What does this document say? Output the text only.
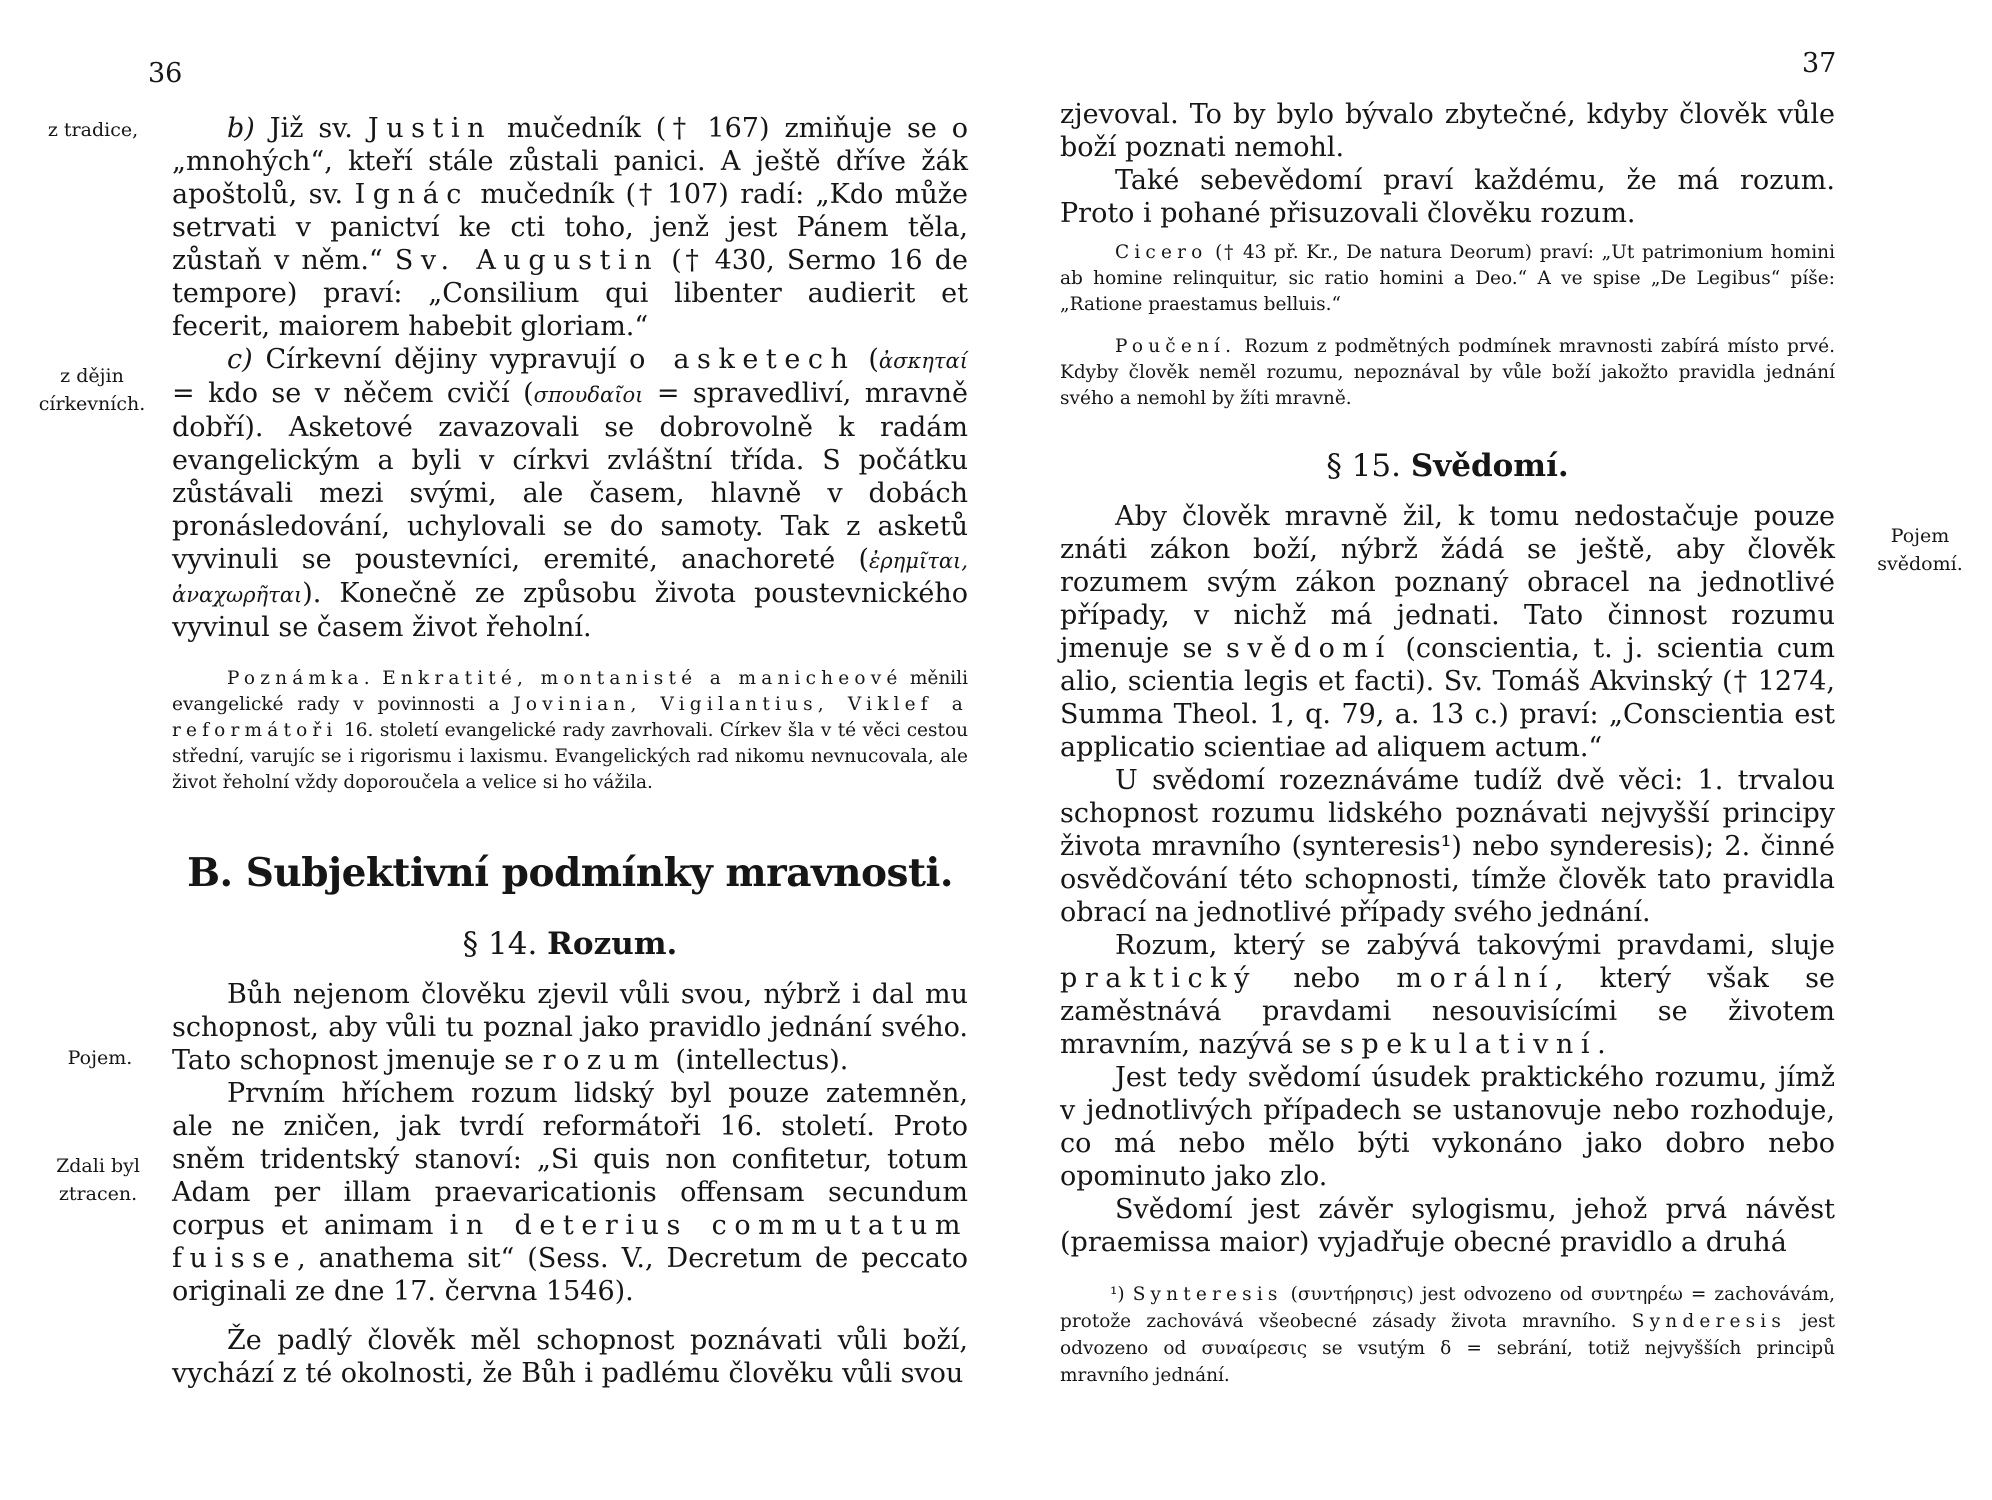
36
z tradice,
z dějin
církevních.
Pojem.
Zdali byl
ztracen.

b) Již sv. Justin mučedník († 167) zmiňuje se o „mnohých“, kteří stále zůstali panici. A ještě dříve žák apoštolů, sv. Ignác mučedník († 107) radí: „Kdo může setrvati v panictví ke cti toho, jenž jest Pánem těla, zůstaň v něm.“ Sv. Augustin († 430, Sermo 16 de tempore) praví: „Consilium qui libenter audierit et fecerit, maiorem habebit gloriam.“

c) Církevní dějiny vypravují o asketech (ἀσκηταί = kdo se v něčem cvičí (σπουδαῖοι = spravedliví, mravně dobří). Asketové zavazovali se dobrovolně k radám evangelickým a byli v církvi zvláštní třída. S počátku zůstávali mezi svými, ale časem, hlavně v dobách pronásledování, uchylovali se do samoty. Tak z asketů vyvinuli se poustevníci, eremité, anachoreté (ἐρημῖται, ἀναχωρῆται). Konečně ze způsobu života poustevnického vyvinul se časem život řeholní.

Poznámka. Enkratité, montanisté a manicheové měnili evangelické rady v povinnosti a Jovinian, Vigilantius, Viklef a reformátoři 16. století evangelické rady zavrhovali. Církev šla v té věci cestou střední, varujíc se i rigorismu i laxismu. Evangelických rad nikomu nevnucovala, ale život řeholní vždy doporoučela a velice si ho vážila.

B. Subjektivní podmínky mravnosti.
§ 14. Rozum.

Bůh nejenom člověku zjevil vůli svou, nýbrž i dal mu schopnost, aby vůli tu poznal jako pravidlo jednání svého. Tato schopnost jmenuje se rozum (intellectus).

Prvním hříchem rozum lidský byl pouze zatemněn, ale ne zničen, jak tvrdí reformátoři 16. století. Proto sněm tridentský stanoví: „Si quis non confitetur, totum Adam per illam praevaricationis offensam secundum corpus et animam in deterius commutatum fuisse, anathema sit“ (Sess. V., Decretum de peccato originali ze dne 17. června 1546).

Že padlý člověk měl schopnost poznávati vůli boží, vychází z té okolnosti, že Bůh i padlému člověku vůli svou

37
Pojem
svědomí.

zjevoval. To by bylo bývalo zbytečné, kdyby člověk vůle boží poznati nemohl.

Také sebevědomí praví každému, že má rozum. Proto i pohané přisuzovali člověku rozum.

Cicero († 43 př. Kr., De natura Deorum) praví: „Ut patrimonium homini ab homine relinquitur, sic ratio homini a Deo.“ A ve spise „De Legibus“ píše: „Ratione praestamus belluis.“

Poučení. Rozum z podmětných podmínek mravnosti zabírá místo prvé. Kdyby člověk neměl rozumu, nepoznával by vůle boží jakožto pravidla jednání svého a nemohl by žíti mravně.

§ 15. Svědomí.

Aby člověk mravně žil, k tomu nedostačuje pouze znáti zákon boží, nýbrž žádá se ještě, aby člověk rozumem svým zákon poznaný obracel na jednotlivé případy, v nichž má jednati. Tato činnost rozumu jmenuje se svědomí (conscientia, t. j. scientia cum alio, scientia legis et facti). Sv. Tomáš Akvinský († 1274, Summa Theol. 1, q. 79, a. 13 c.) praví: „Conscientia est applicatio scientiae ad aliquem actum.“

U svědomí rozeznáváme tudíž dvě věci: 1. trvalou schopnost rozumu lidského poznávati nejvyšší principy života mravního (synteresis¹) nebo synderesis); 2. činné osvědčování této schopnosti, tímže člověk tato pravidla obrací na jednotlivé případy svého jednání.

Rozum, který se zabývá takovými pravdami, sluje praktický nebo morální, který však se zaměstnává pravdami nesouvisícími se životem mravním, nazývá se spekulativní.

Jest tedy svědomí úsudek praktického rozumu, jímž v jednotlivých případech se ustanovuje nebo rozhoduje, co má nebo mělo býti vykonáno jako dobro nebo opominuto jako zlo.

Svědomí jest závěr sylogismu, jehož prvá návěst (praemissa maior) vyjadřuje obecné pravidlo a druhá

¹) Synteresis (συντήρησις) jest odvozeno od συντηρέω = zachovávám, protože zachovává všeobecné zásady života mravního. Synderesis jest odvozeno od συναίρεσις se vsutým δ = sebrání, totiž nejvyšších principů mravního jednání.
